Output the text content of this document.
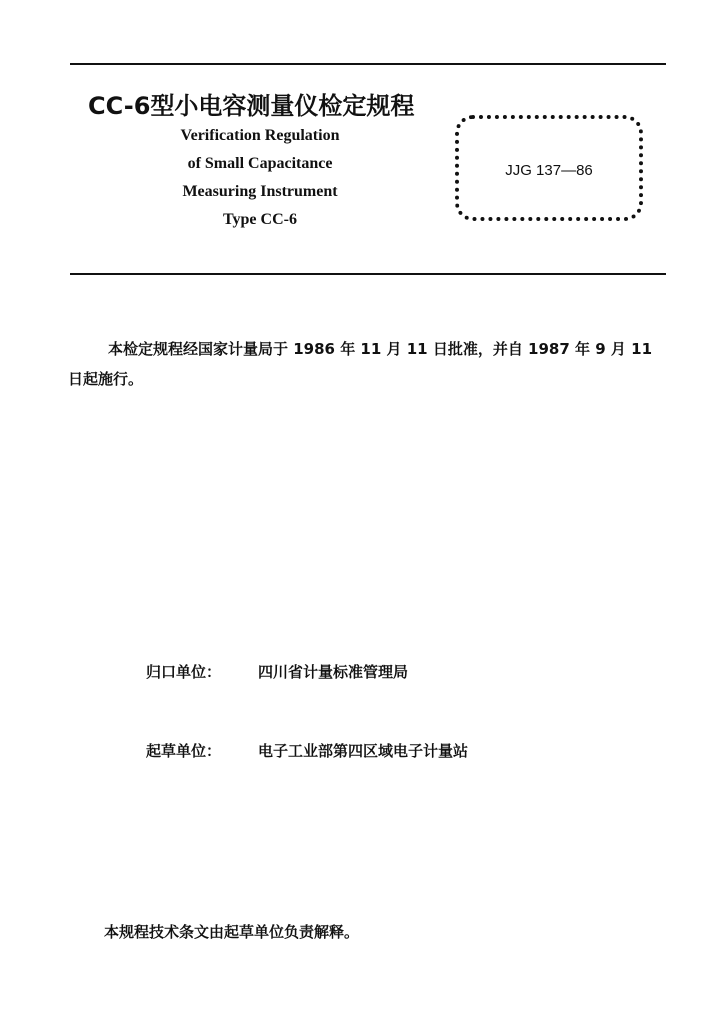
CC-6型小电容测量仪检定规程
Verification Regulation
of Small Capacitance
Measuring Instrument
Type CC-6
JJG 137—86
本检定规程经国家计量局于 1986 年 11 月 11 日批准，并自 1987 年 9 月 11 日起施行。
归口单位： 四川省计量标准管理局
起草单位： 电子工业部第四区域电子计量站
本规程技术条文由起草单位负责解释。
